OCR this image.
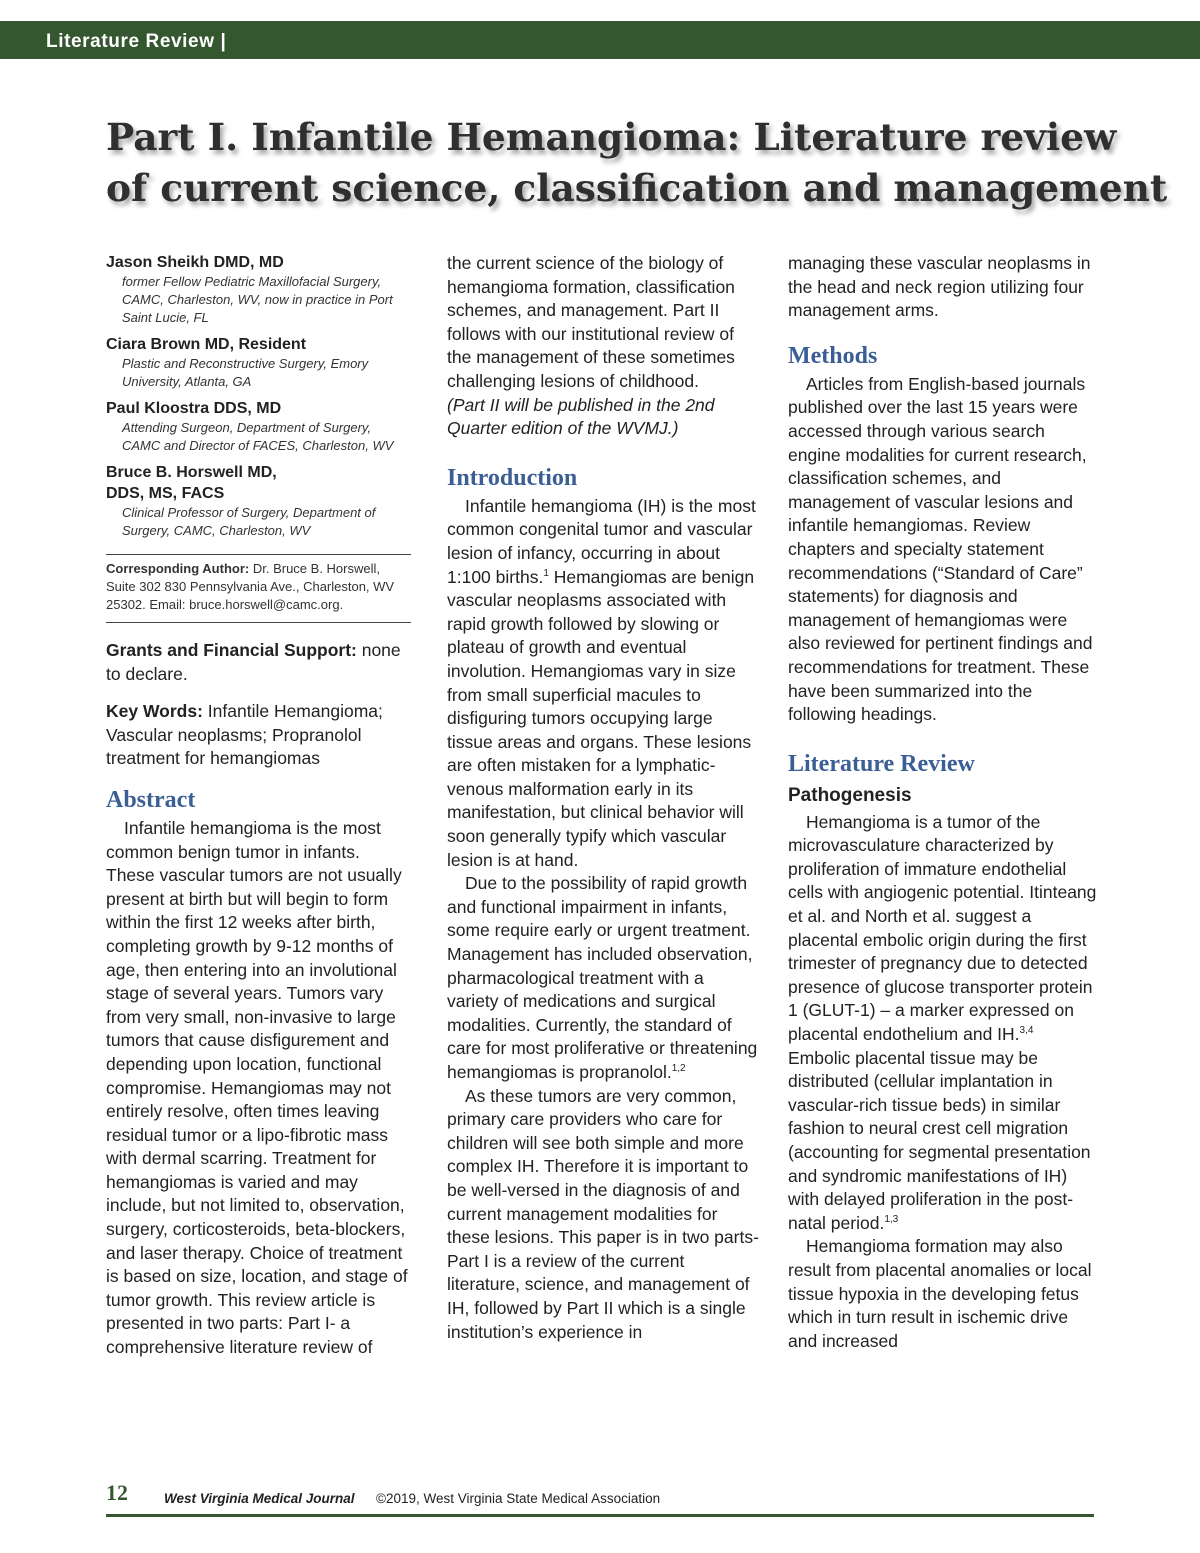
Literature Review |
Part I. Infantile Hemangioma: Literature review
of current science, classification and management
Jason Sheikh DMD, MD
former Fellow Pediatric Maxillofacial Surgery, CAMC, Charleston, WV, now in practice in Port Saint Lucie, FL
Ciara Brown MD, Resident
Plastic and Reconstructive Surgery, Emory University, Atlanta, GA
Paul Kloostra DDS, MD
Attending Surgeon, Department of Surgery, CAMC and Director of FACES, Charleston, WV
Bruce B. Horswell MD, DDS, MS, FACS
Clinical Professor of Surgery, Department of Surgery, CAMC, Charleston, WV
Corresponding Author: Dr. Bruce B. Horswell, Suite 302 830 Pennsylvania Ave., Charleston, WV 25302. Email: bruce.horswell@camc.org.

Grants and Financial Support: none to declare.

Key Words: Infantile Hemangioma; Vascular neoplasms; Propranolol treatment for hemangiomas

Abstract

Infantile hemangioma is the most common benign tumor in infants. These vascular tumors are not usually present at birth but will begin to form within the first 12 weeks after birth, completing growth by 9-12 months of age, then entering into an involutional stage of several years. Tumors vary from very small, non-invasive to large tumors that cause disfigurement and depending upon location, functional compromise. Hemangiomas may not entirely resolve, often times leaving residual tumor or a lipo-fibrotic mass with dermal scarring. Treatment for hemangiomas is varied and may include, but not limited to, observation, surgery, corticosteroids, beta-blockers, and laser therapy. Choice of treatment is based on size, location, and stage of tumor growth. This review article is presented in two parts: Part I- a comprehensive literature review of

the current science of the biology of hemangioma formation, classification schemes, and management. Part II follows with our institutional review of the management of these sometimes challenging lesions of childhood.

(Part II will be published in the 2nd Quarter edition of the WVMJ.)

Introduction

Infantile hemangioma (IH) is the most common congenital tumor and vascular lesion of infancy, occurring in about 1:100 births.$^1$ Hemangiomas are benign vascular neoplasms associated with rapid growth followed by slowing or plateau of growth and eventual involution. Hemangiomas vary in size from small superficial macules to disfiguring tumors occupying large tissue areas and organs. These lesions are often mistaken for a lymphatic-venous malformation early in its manifestation, but clinical behavior will soon generally typify which vascular lesion is at hand.

Due to the possibility of rapid growth and functional impairment in infants, some require early or urgent treatment. Management has included observation, pharmacological treatment with a variety of medications and surgical modalities. Currently, the standard of care for most proliferative or threatening hemangiomas is propranolol.$^{1,2}$

As these tumors are very common, primary care providers who care for children will see both simple and more complex IH. Therefore it is important to be well-versed in the diagnosis of and current management modalities for these lesions. This paper is in two parts- Part I is a review of the current literature, science, and management of IH, followed by Part II which is a single institution’s experience in

managing these vascular neoplasms in the head and neck region utilizing four management arms.

Methods

Articles from English-based journals published over the last 15 years were accessed through various search engine modalities for current research, classification schemes, and management of vascular lesions and infantile hemangiomas. Review chapters and specialty statement recommendations (“Standard of Care” statements) for diagnosis and management of hemangiomas were also reviewed for pertinent findings and recommendations for treatment. These have been summarized into the following headings.

Literature Review
Pathogenesis

Hemangioma is a tumor of the microvasculature characterized by proliferation of immature endothelial cells with angiogenic potential. Itinteang et al. and North et al. suggest a placental embolic origin during the first trimester of pregnancy due to detected presence of glucose transporter protein 1 (GLUT-1) – a marker expressed on placental endothelium and IH.$^{3,4}$ Embolic placental tissue may be distributed (cellular implantation in vascular-rich tissue beds) in similar fashion to neural crest cell migration (accounting for segmental presentation and syndromic manifestations of IH) with delayed proliferation in the post-natal period.$^{1,3}$

Hemangioma formation may also result from placental anomalies or local tissue hypoxia in the developing fetus which in turn result in ischemic drive and increased

12	West Virginia Medical Journal ©2019, West Virginia State Medical Association
